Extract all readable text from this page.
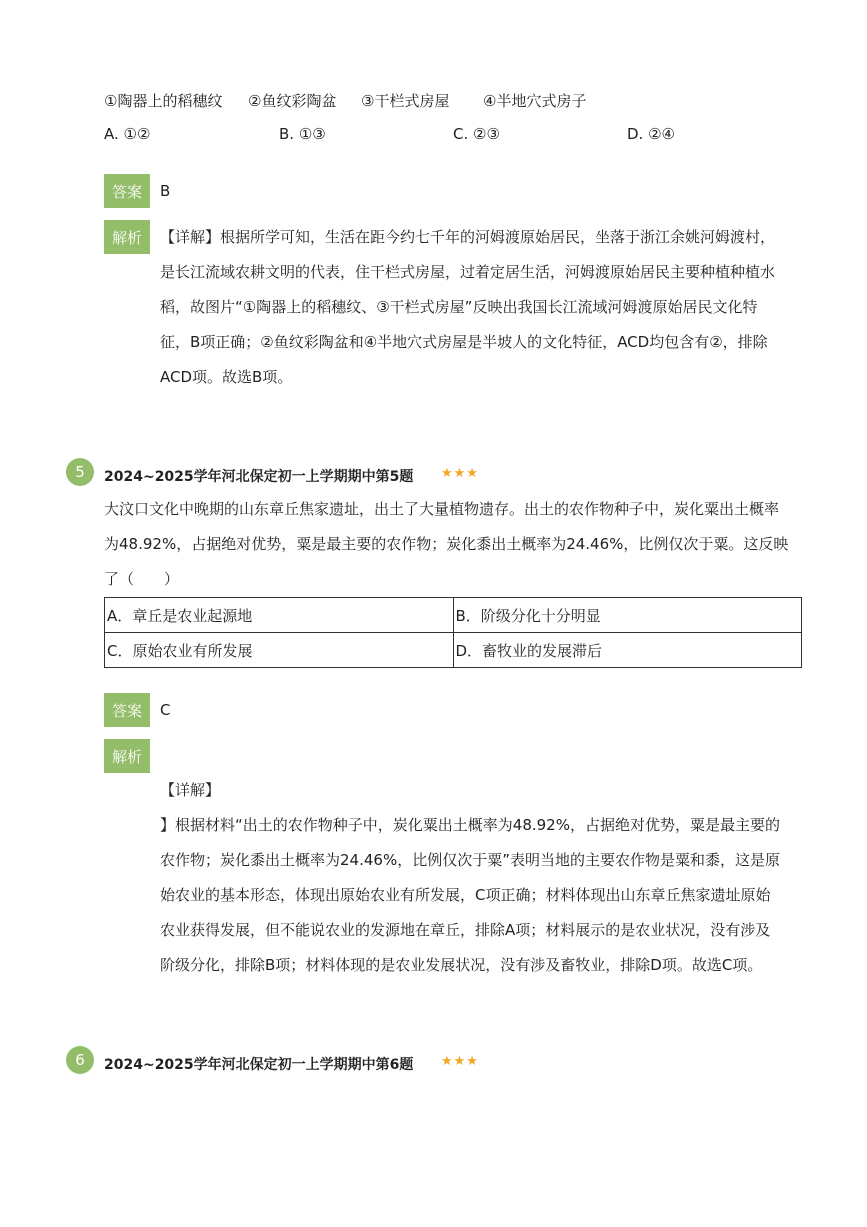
①陶器上的稻穗纹 ②鱼纹彩陶盆 ③干栏式房屋 ④半地穴式房子
A. ①②	B. ①③	C. ②③	D. ②④
答案	B
解析	【详解】根据所学可知，生活在距今约七千年的河姆渡原始居民，坐落于浙江余姚河姆渡村，
是长江流域农耕文明的代表，住干栏式房屋，过着定居生活，河姆渡原始居民主要种植种植水
稻，故图片“①陶器上的稻穗纹、③干栏式房屋”反映出我国长江流域河姆渡原始居民文化特
征，B项正确；②鱼纹彩陶盆和④半地穴式房屋是半坡人的文化特征，ACD均包含有②，排除
ACD项。故选B项。
5	2024~2025学年河北保定初一上学期期中第5题 ★★★
大汶口文化中晚期的山东章丘焦家遗址，出土了大量植物遗存。出土的农作物种子中，炭化粟出土概率
为48.92%，占据绝对优势，粟是最主要的农作物；炭化黍出土概率为24.46%，比例仅次于粟。这反映
了（　　）
A．章丘是农业起源地	B．阶级分化十分明显
C．原始农业有所发展	D．畜牧业的发展滞后
答案	C
解析
【详解】
】根据材料“出土的农作物种子中，炭化粟出土概率为48.92%，占据绝对优势，粟是最主要的
农作物；炭化黍出土概率为24.46%，比例仅次于粟”表明当地的主要农作物是粟和黍，这是原
始农业的基本形态，体现出原始农业有所发展，C项正确；材料体现出山东章丘焦家遗址原始
农业获得发展，但不能说农业的发源地在章丘，排除A项；材料展示的是农业状况，没有涉及
阶级分化，排除B项；材料体现的是农业发展状况，没有涉及畜牧业，排除D项。故选C项。
6	2024~2025学年河北保定初一上学期期中第6题 ★★★
